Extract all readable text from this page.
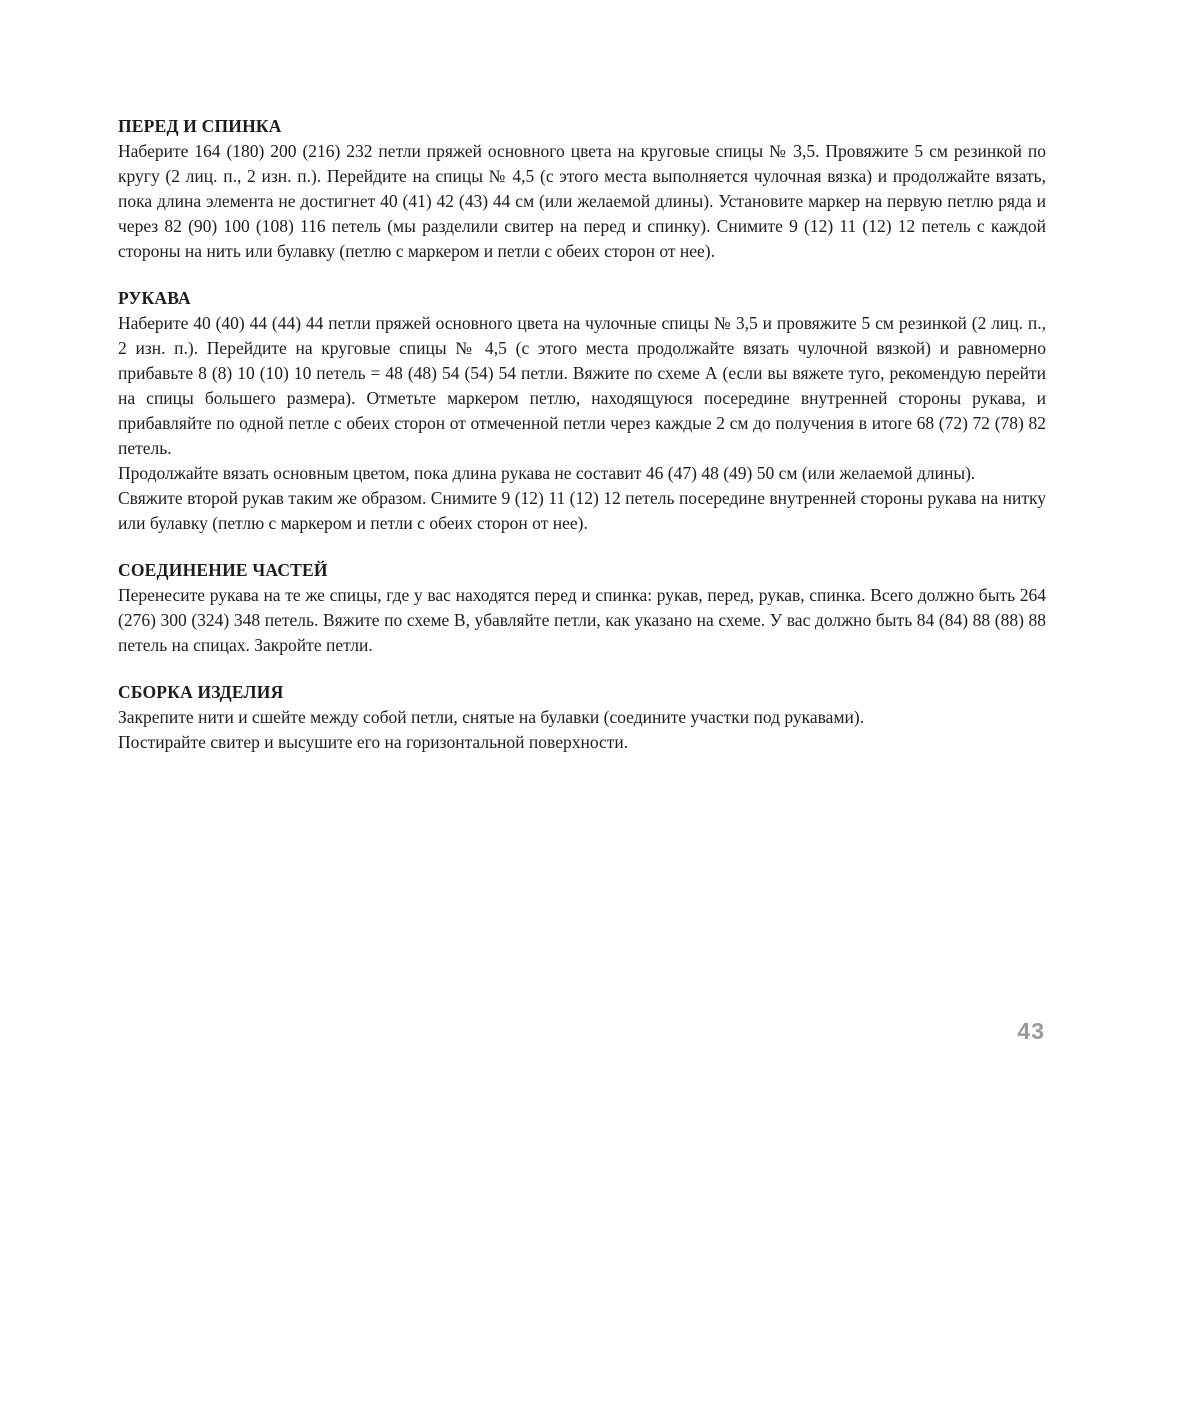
ПЕРЕД И СПИНКА

Наберите 164 (180) 200 (216) 232 петли пряжей основного цвета на круговые спицы № 3,5. Провяжите 5 см резинкой по кругу (2 лиц. п., 2 изн. п.). Перейдите на спицы № 4,5 (с этого места выполняется чулочная вязка) и продолжайте вязать, пока длина элемента не достигнет 40 (41) 42 (43) 44 см (или желаемой длины). Установите маркер на первую петлю ряда и через 82 (90) 100 (108) 116 петель (мы разделили свитер на перед и спинку). Снимите 9 (12) 11 (12) 12 петель с каждой стороны на нить или булавку (петлю с маркером и петли с обеих сторон от нее).

РУКАВА

Наберите 40 (40) 44 (44) 44 петли пряжей основного цвета на чулочные спицы № 3,5 и провяжите 5 см резинкой (2 лиц. п., 2 изн. п.). Перейдите на круговые спицы № 4,5 (с этого места продолжайте вязать чулочной вязкой) и равномерно прибавьте 8 (8) 10 (10) 10 петель = 48 (48) 54 (54) 54 петли. Вяжите по схеме А (если вы вяжете туго, рекомендую перейти на спицы большего размера). Отметьте маркером петлю, находящуюся посередине внутренней стороны рукава, и прибавляйте по одной петле с обеих сторон от отмеченной петли через каждые 2 см до получения в итоге 68 (72) 72 (78) 82 петель.

Продолжайте вязать основным цветом, пока длина рукава не составит 46 (47) 48 (49) 50 см (или желаемой длины).

Свяжите второй рукав таким же образом. Снимите 9 (12) 11 (12) 12 петель посередине внутренней стороны рукава на нитку или булавку (петлю с маркером и петли с обеих сторон от нее).

СОЕДИНЕНИЕ ЧАСТЕЙ

Перенесите рукава на те же спицы, где у вас находятся перед и спинка: рукав, перед, рукав, спинка. Всего должно быть 264 (276) 300 (324) 348 петель. Вяжите по схеме В, убавляйте петли, как указано на схеме. У вас должно быть 84 (84) 88 (88) 88 петель на спицах. Закройте петли.

СБОРКА ИЗДЕЛИЯ

Закрепите нити и сшейте между собой петли, снятые на булавки (соедините участки под рукавами).

Постирайте свитер и высушите его на горизонтальной поверхности.

43
